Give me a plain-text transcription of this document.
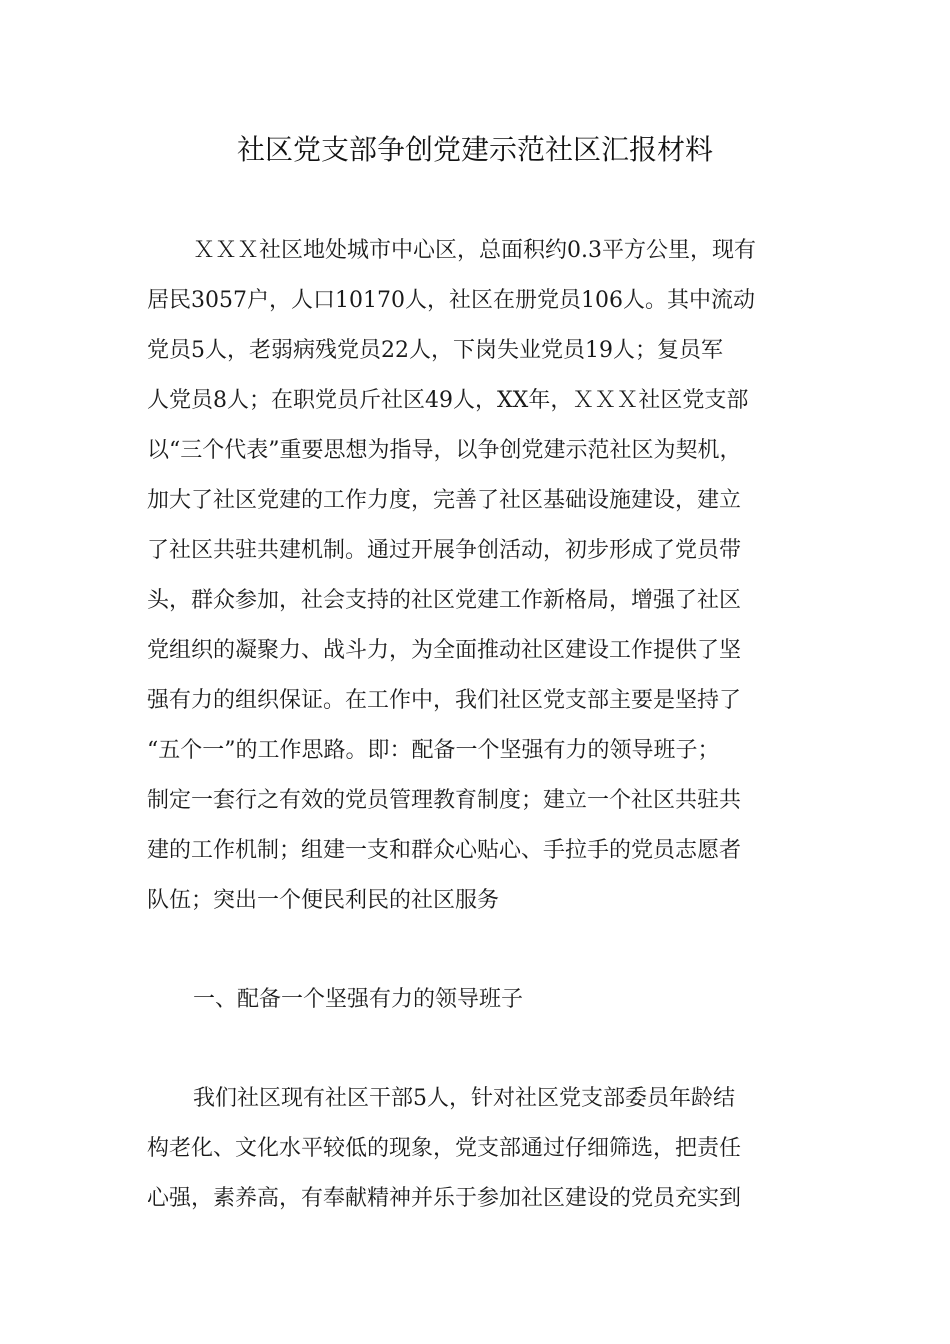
社区党支部争创党建示范社区汇报材料
ＸＸＸ社区地处城市中心区，总面积约0.3平方公里，现有
居民3057户，人口10170人，社区在册党员106人。其中流动
党员5人，老弱病残党员22人，下岗失业党员19人；复员军
人党员8人；在职党员斤社区49人，XX年，ＸＸＸ社区党支部
以“三个代表”重要思想为指导，以争创党建示范社区为契机，
加大了社区党建的工作力度，完善了社区基础设施建设，建立
了社区共驻共建机制。通过开展争创活动，初步形成了党员带
头，群众参加，社会支持的社区党建工作新格局，增强了社区
党组织的凝聚力、战斗力，为全面推动社区建设工作提供了坚
强有力的组织保证。在工作中，我们社区党支部主要是坚持了
“五个一”的工作思路。即：配备一个坚强有力的领导班子；
制定一套行之有效的党员管理教育制度；建立一个社区共驻共
建的工作机制；组建一支和群众心贴心、手拉手的党员志愿者
队伍；突出一个便民利民的社区服务
一、配备一个坚强有力的领导班子
我们社区现有社区干部5人，针对社区党支部委员年龄结
构老化、文化水平较低的现象，党支部通过仔细筛选，把责任
心强，素养高，有奉献精神并乐于参加社区建设的党员充实到
